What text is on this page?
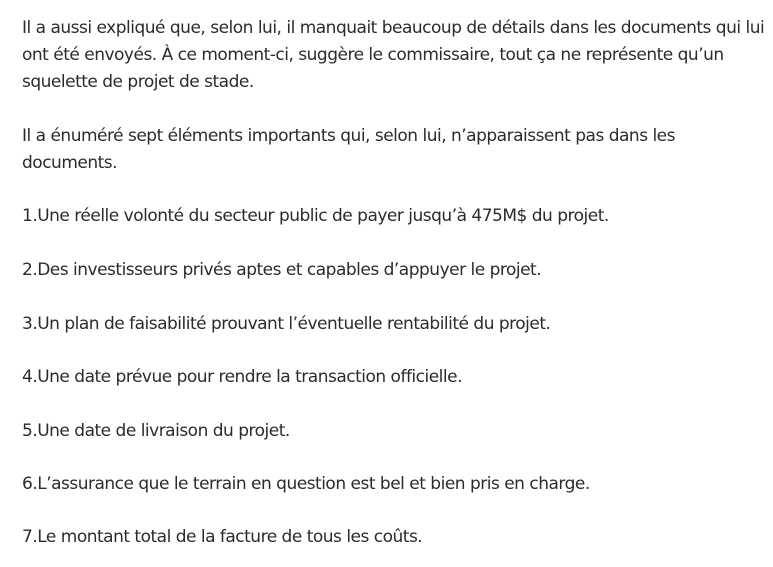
Il a aussi expliqué que, selon lui, il manquait beaucoup de détails dans les documents qui lui ont été envoyés. À ce moment-ci, suggère le commissaire, tout ça ne représente qu’un squelette de projet de stade.

Il a énuméré sept éléments importants qui, selon lui, n’apparaissent pas dans les documents.

1.Une réelle volonté du secteur public de payer jusqu’à 475M$ du projet.

2.Des investisseurs privés aptes et capables d’appuyer le projet.

3.Un plan de faisabilité prouvant l’éventuelle rentabilité du projet.

4.Une date prévue pour rendre la transaction officielle.

5.Une date de livraison du projet.

6.L’assurance que le terrain en question est bel et bien pris en charge.

7.Le montant total de la facture de tous les coûts.
